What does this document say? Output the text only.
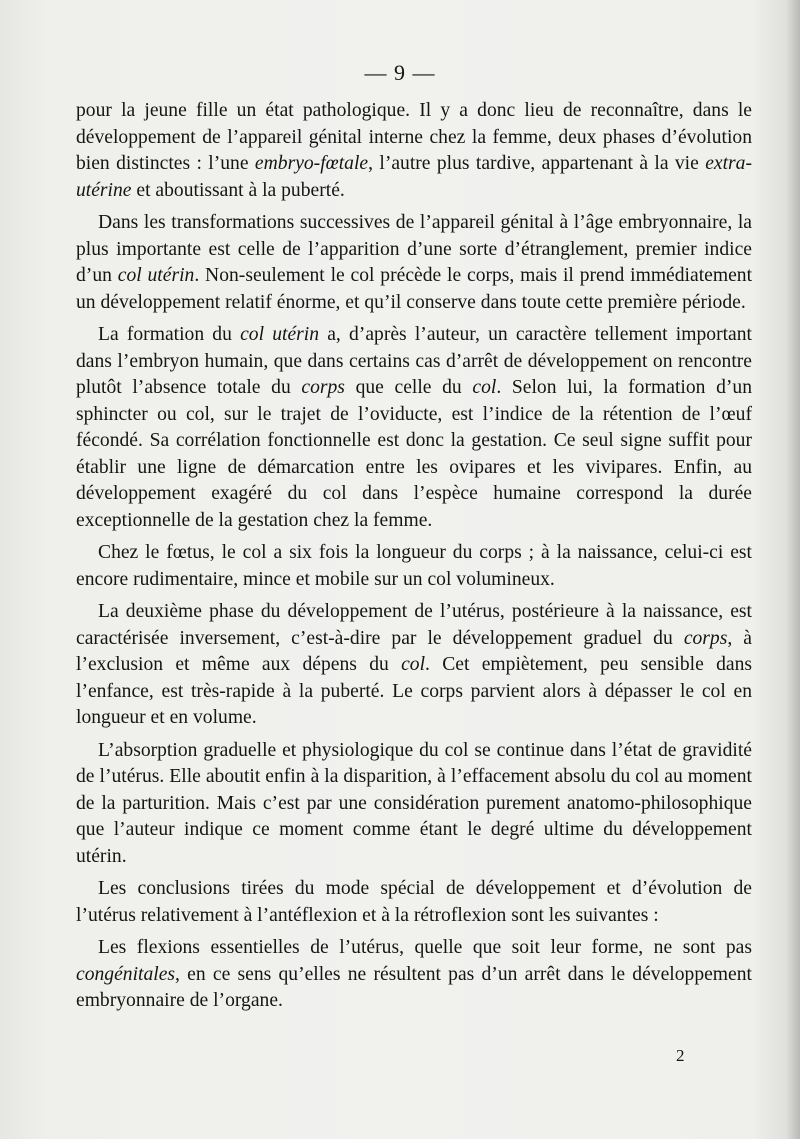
— 9 —

pour la jeune fille un état pathologique. Il y a donc lieu de reconnaître, dans le développement de l’appareil génital interne chez la femme, deux phases d’évolution bien distinctes : l’une embryo-fœtale, l’autre plus tardive, appartenant à la vie extra-utérine et aboutissant à la puberté.

Dans les transformations successives de l’appareil génital à l’âge embryonnaire, la plus importante est celle de l’apparition d’une sorte d’étranglement, premier indice d’un col utérin. Non-seulement le col précède le corps, mais il prend immédiatement un développement relatif énorme, et qu’il conserve dans toute cette première période.

La formation du col utérin a, d’après l’auteur, un caractère tellement important dans l’embryon humain, que dans certains cas d’arrêt de développement on rencontre plutôt l’absence totale du corps que celle du col. Selon lui, la formation d’un sphincter ou col, sur le trajet de l’oviducte, est l’indice de la rétention de l’œuf fécondé. Sa corrélation fonctionnelle est donc la gestation. Ce seul signe suffit pour établir une ligne de démarcation entre les ovipares et les vivipares. Enfin, au développement exagéré du col dans l’espèce humaine correspond la durée exceptionnelle de la gestation chez la femme.

Chez le fœtus, le col a six fois la longueur du corps ; à la naissance, celui-ci est encore rudimentaire, mince et mobile sur un col volumineux.

La deuxième phase du développement de l’utérus, postérieure à la naissance, est caractérisée inversement, c’est-à-dire par le développement graduel du corps, à l’exclusion et même aux dépens du col. Cet empiètement, peu sensible dans l’enfance, est très-rapide à la puberté. Le corps parvient alors à dépasser le col en longueur et en volume.

L’absorption graduelle et physiologique du col se continue dans l’état de gravidité de l’utérus. Elle aboutit enfin à la disparition, à l’effacement absolu du col au moment de la parturition. Mais c’est par une considération purement anatomo-philosophique que l’auteur indique ce moment comme étant le degré ultime du développement utérin.

Les conclusions tirées du mode spécial de développement et d’évolution de l’utérus relativement à l’antéflexion et à la rétroflexion sont les suivantes :

Les flexions essentielles de l’utérus, quelle que soit leur forme, ne sont pas congénitales, en ce sens qu’elles ne résultent pas d’un arrêt dans le développement embryonnaire de l’organe.

2
